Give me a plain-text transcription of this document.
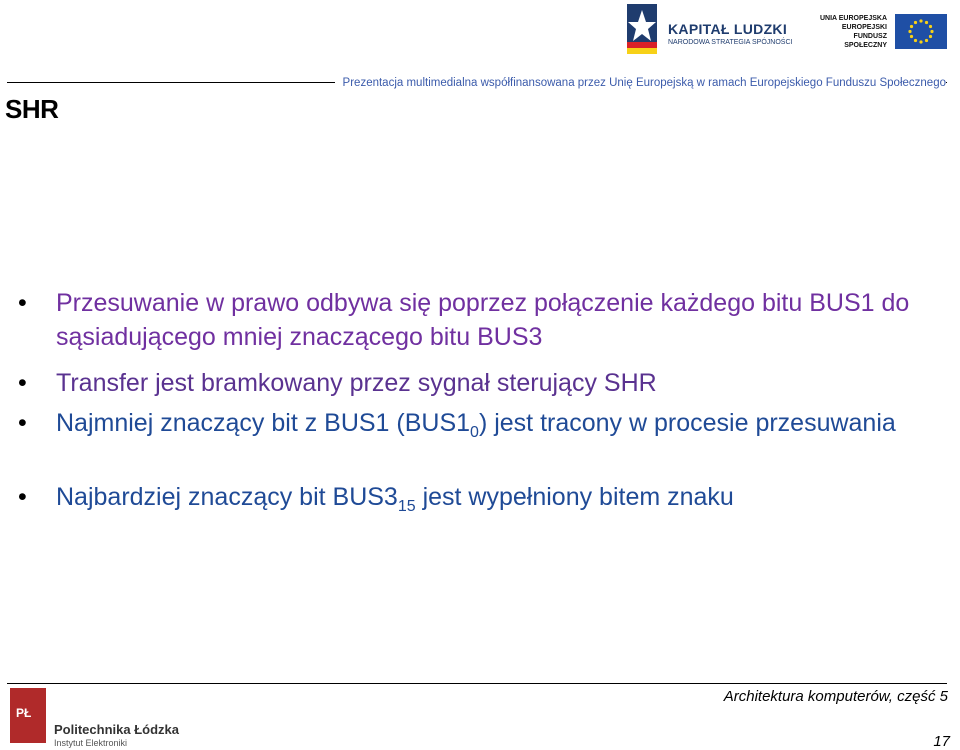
KAPITAŁ LUDZKI
NARODOWA STRATEGIA SPÓJNOŚCI
UNIA EUROPEJSKA
EUROPEJSKI
FUNDUSZ SPOŁECZNY
Prezentacja multimedialna współfinansowana przez Unię Europejską w ramach Europejskiego Funduszu Społecznego
SHR
• Przesuwanie w prawo odbywa się poprzez połączenie każdego bitu BUS1 do sąsiadującego mniej znaczącego bitu BUS3
• Transfer jest bramkowany przez sygnał sterujący SHR
• Najmniej znaczący bit z BUS1 $(BUS1_0)$ jest tracony w procesie przesuwania
• Najbardziej znaczący bit $BUS3_{15}$ jest wypełniony bitem znaku
Architektura komputerów, część 5
17
PŁ
Politechnika Łódzka
Instytut Elektroniki
